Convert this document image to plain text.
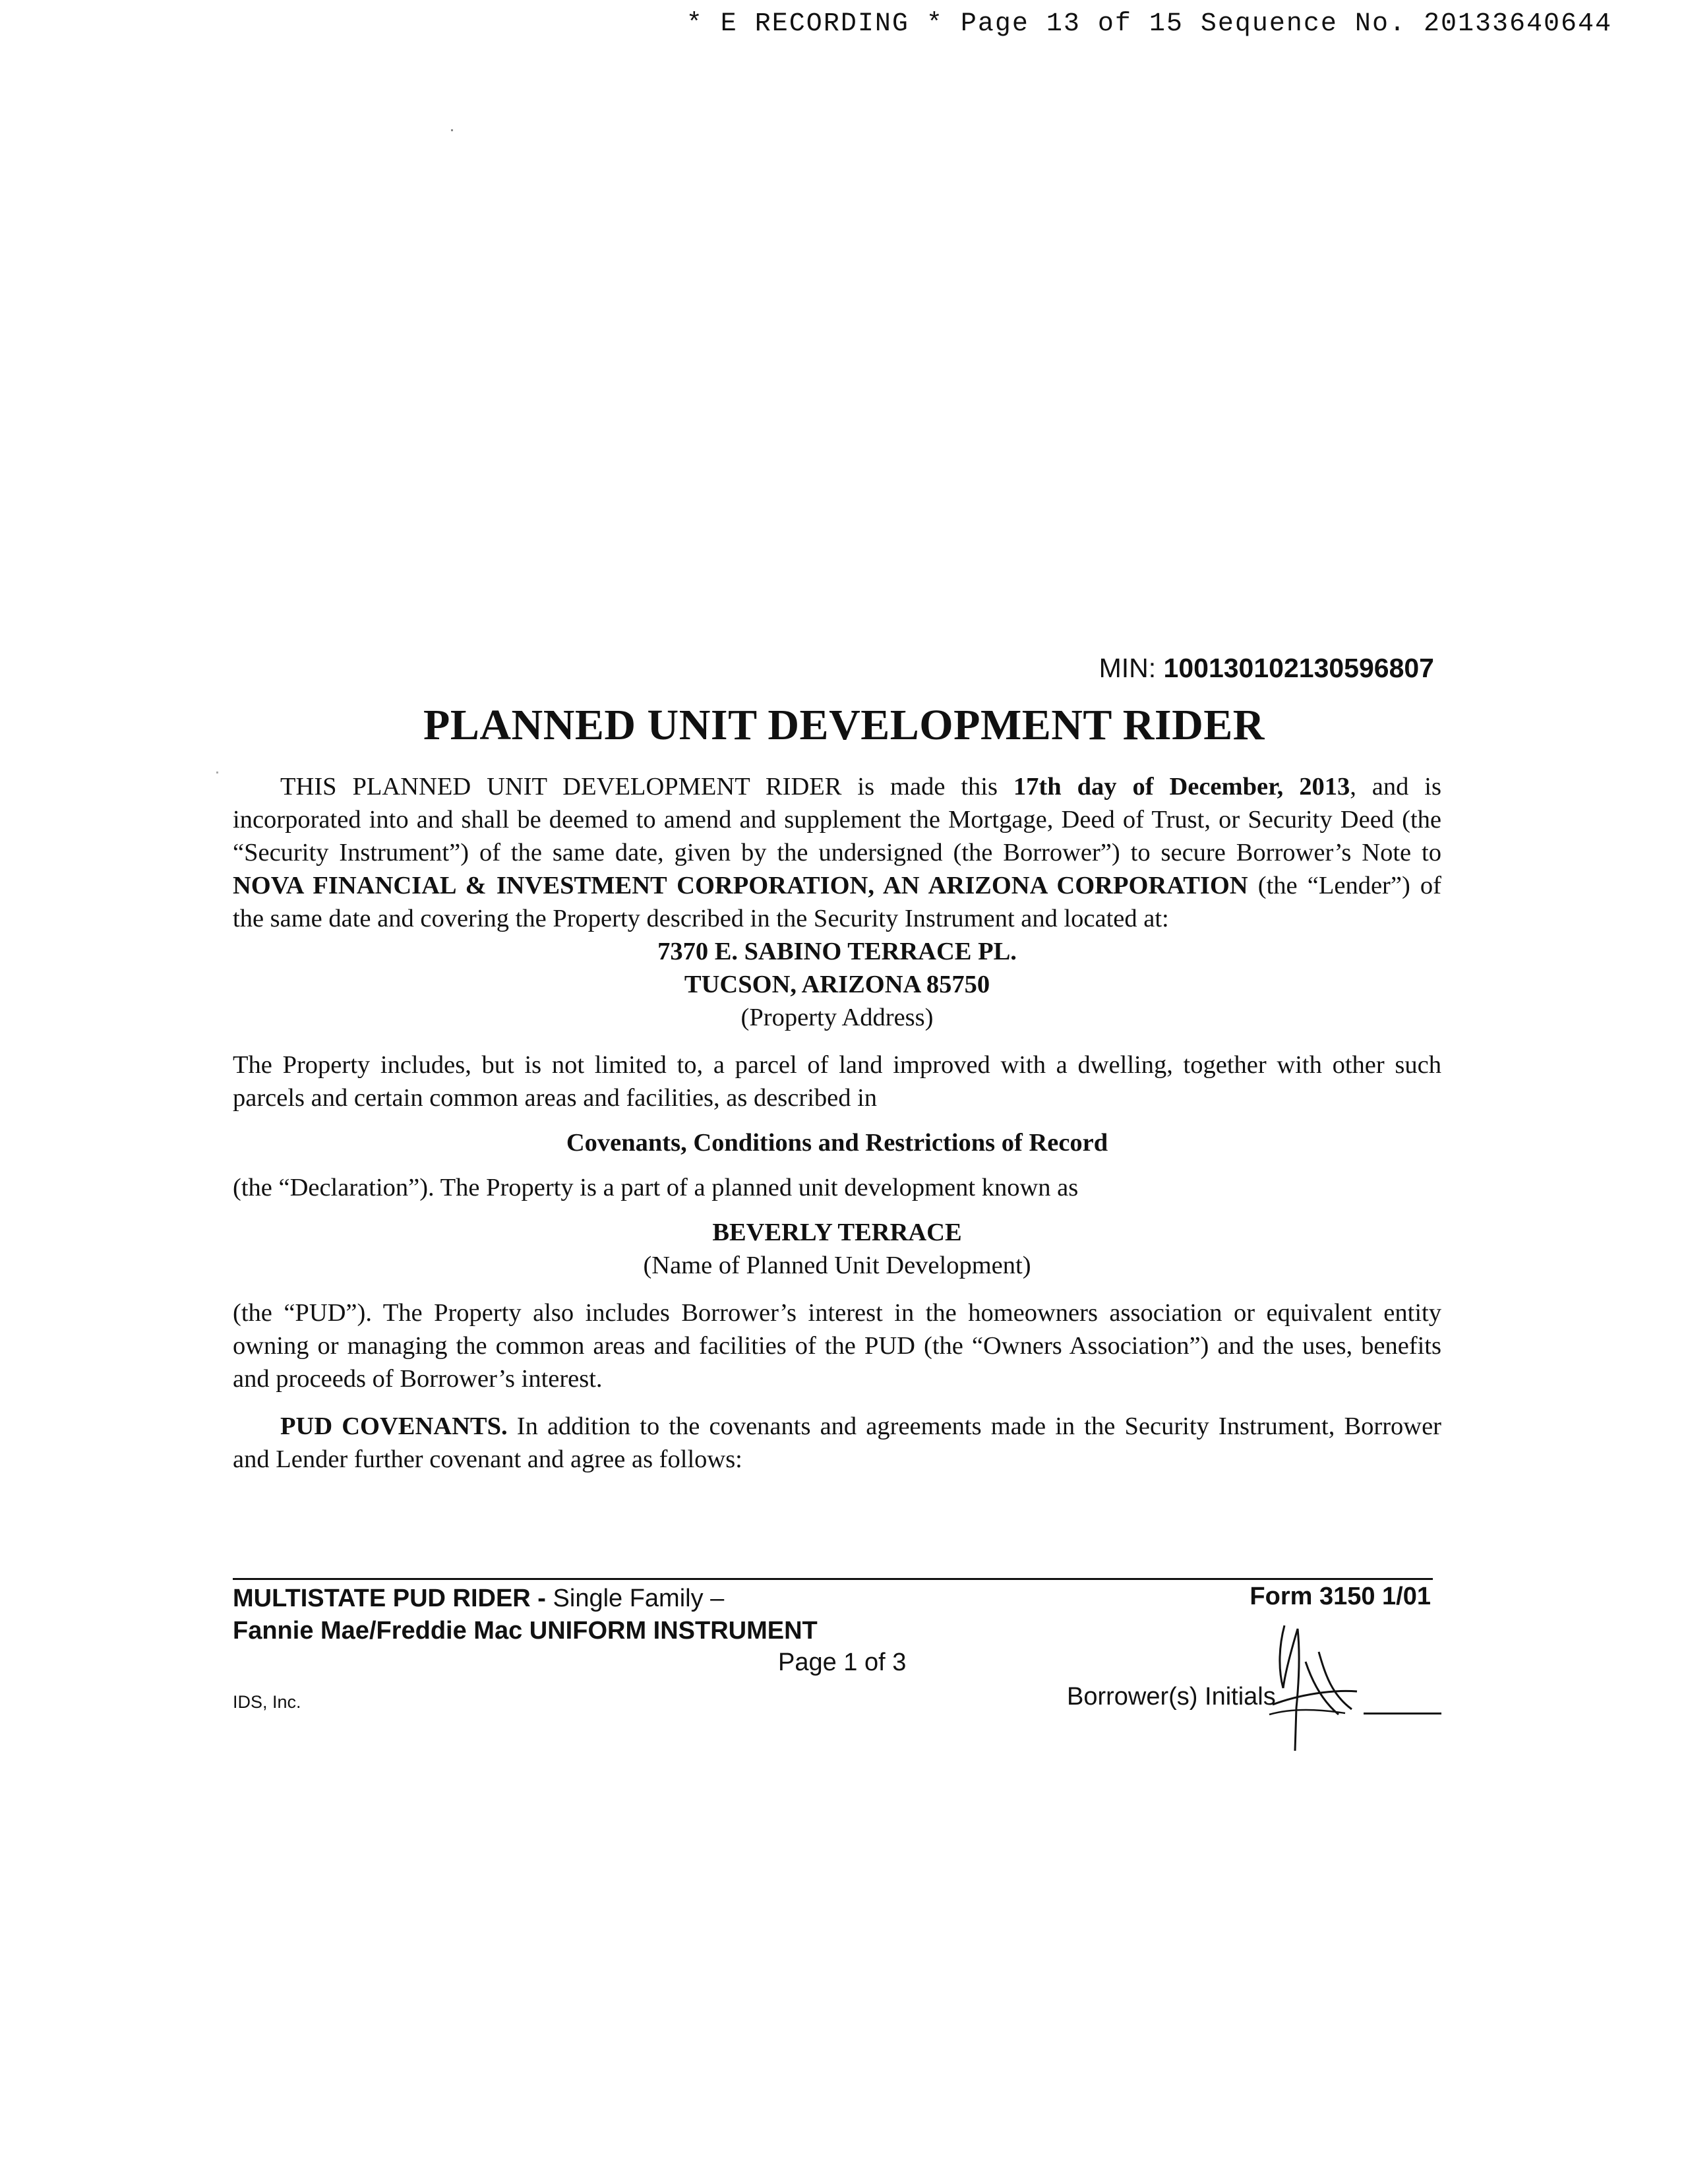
* E RECORDING * Page 13 of 15 Sequence No. 20133640644
MIN: 100130102130596807
PLANNED UNIT DEVELOPMENT RIDER

THIS PLANNED UNIT DEVELOPMENT RIDER is made this 17th day of December, 2013, and is incorporated into and shall be deemed to amend and supplement the Mortgage, Deed of Trust, or Security Deed (the “Security Instrument”) of the same date, given by the undersigned (the Borrower”) to secure Borrower’s Note to NOVA FINANCIAL & INVESTMENT CORPORATION, AN ARIZONA CORPORATION (the “Lender”) of the same date and covering the Property described in the Security Instrument and located at:

7370 E. SABINO TERRACE PL.

TUCSON, ARIZONA 85750

(Property Address)

The Property includes, but is not limited to, a parcel of land improved with a dwelling, together with other such parcels and certain common areas and facilities, as described in

Covenants, Conditions and Restrictions of Record

(the “Declaration”). The Property is a part of a planned unit development known as

BEVERLY TERRACE

(Name of Planned Unit Development)

(the “PUD”). The Property also includes Borrower’s interest in the homeowners association or equivalent entity owning or managing the common areas and facilities of the PUD (the “Owners Association”) and the uses, benefits and proceeds of Borrower’s interest.

PUD COVENANTS. In addition to the covenants and agreements made in the Security Instrument, Borrower and Lender further covenant and agree as follows:

MULTISTATE PUD RIDER - Single Family –
Fannie Mae/Freddie Mac UNIFORM INSTRUMENT
Form 3150 1/01
Page 1 of 3
IDS, Inc.	Borrower(s) Initials
